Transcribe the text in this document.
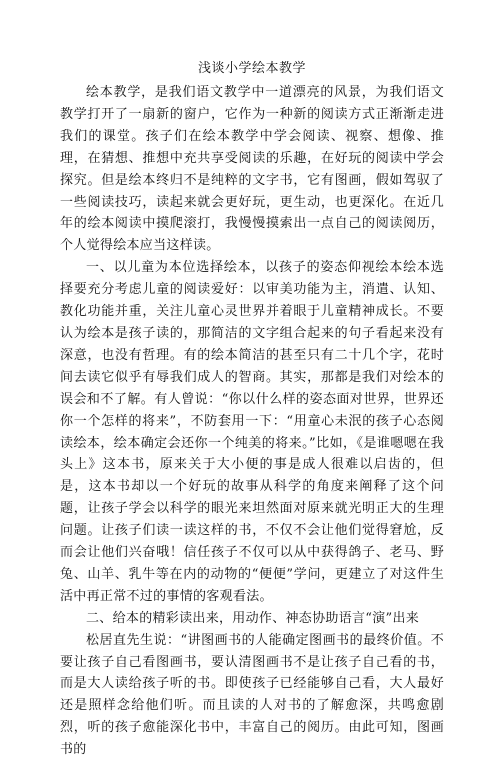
浅谈小学绘本教学

绘本教学，是我们语文教学中一道漂亮的风景，为我们语文教学打开了一扇新的窗户，它作为一种新的阅读方式正渐渐走进我们的课堂。孩子们在绘本教学中学会阅读、视察、想像、推理，在猜想、推想中充共享受阅读的乐趣，在好玩的阅读中学会探究。但是绘本终归不是纯粹的文字书，它有图画，假如驾驭了一些阅读技巧，读起来就会更好玩，更生动，也更深化。在近几年的绘本阅读中摸爬滚打，我慢慢摸索出一点自己的阅读阅历，个人觉得绘本应当这样读。

一、以儿童为本位选择绘本，以孩子的姿态仰视绘本绘本选择要充分考虑儿童的阅读爱好：以审美功能为主，消遣、认知、教化功能并重，关注儿童心灵世界并着眼于儿童精神成长。不要认为绘本是孩子读的，那简洁的文字组合起来的句子看起来没有深意，也没有哲理。有的绘本简洁的甚至只有二十几个字，花时间去读它似乎有辱我们成人的智商。其实，那都是我们对绘本的误会和不了解。有人曾说：“你以什么样的姿态面对世界，世界还你一个怎样的将来”，不防套用一下：“用童心未泯的孩子心态阅读绘本，绘本确定会还你一个纯美的将来。”比如，《是谁嗯嗯在我头上》这本书，原来关于大小便的事是成人很难以启齿的，但是，这本书却以一个好玩的故事从科学的角度来阐释了这个问题，让孩子学会以科学的眼光来坦然面对原来就光明正大的生理问题。让孩子们读一读这样的书，不仅不会让他们觉得窘尬，反而会让他们兴奋哦！信任孩子不仅可以从中获得鸽子、老马、野兔、山羊、乳牛等在内的动物的“便便”学问，更建立了对这件生活中再正常不过的事情的客观看法。

二、给本的精彩读出来，用动作、神态协助语言“演”出来

松居直先生说：“讲图画书的人能确定图画书的最终价值。不要让孩子自己看图画书，要认清图画书不是让孩子自己看的书，而是大人读给孩子听的书。即使孩子已经能够自己看，大人最好还是照样念给他们听。而且读的人对书的了解愈深，共鸣愈剧烈，听的孩子愈能深化书中，丰富自己的阅历。由此可知，图画书的
